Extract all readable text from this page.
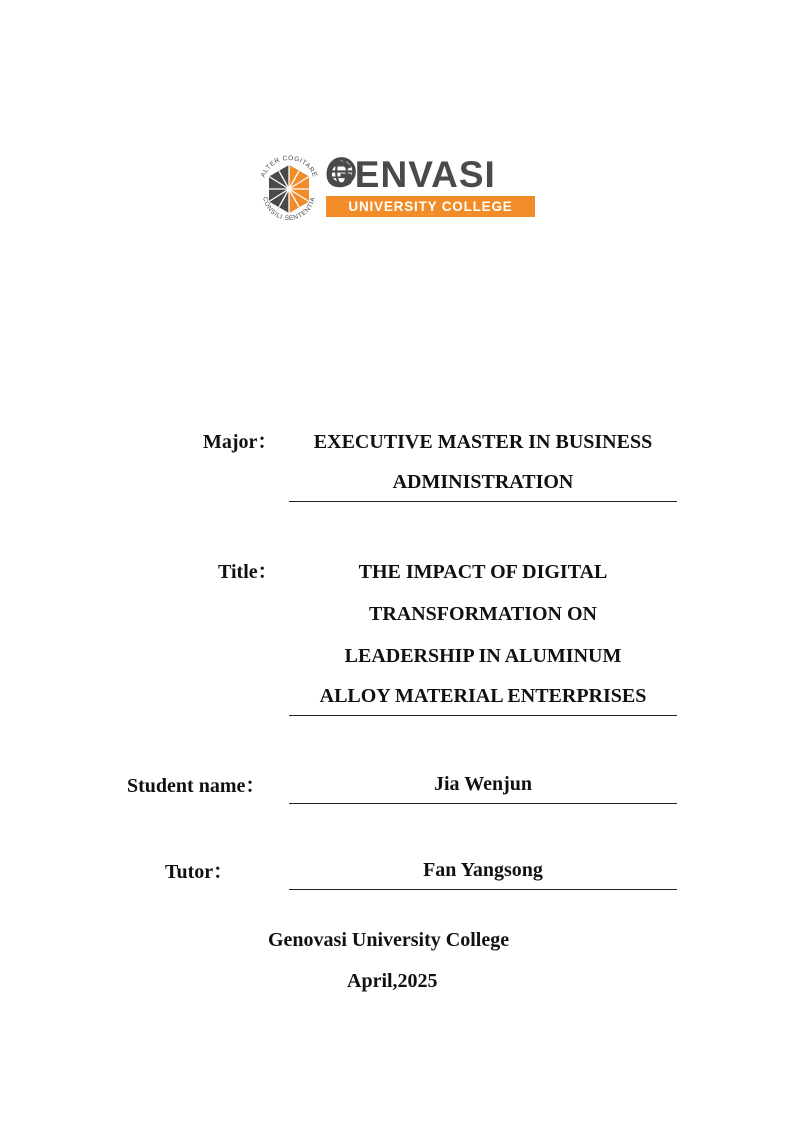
ALTER COGITARE
CONSILI SENTENTIA
GEN
VASI
UNIVERSITY COLLEGE
Major：	EXECUTIVE MASTER IN BUSINESS
ADMINISTRATION
Title：	THE IMPACT OF DIGITAL
TRANSFORMATION ON
LEADERSHIP IN ALUMINUM
ALLOY MATERIAL ENTERPRISES
Student name：	Jia Wenjun
Tutor：	Fan Yangsong
Genovasi University College
April,2025
